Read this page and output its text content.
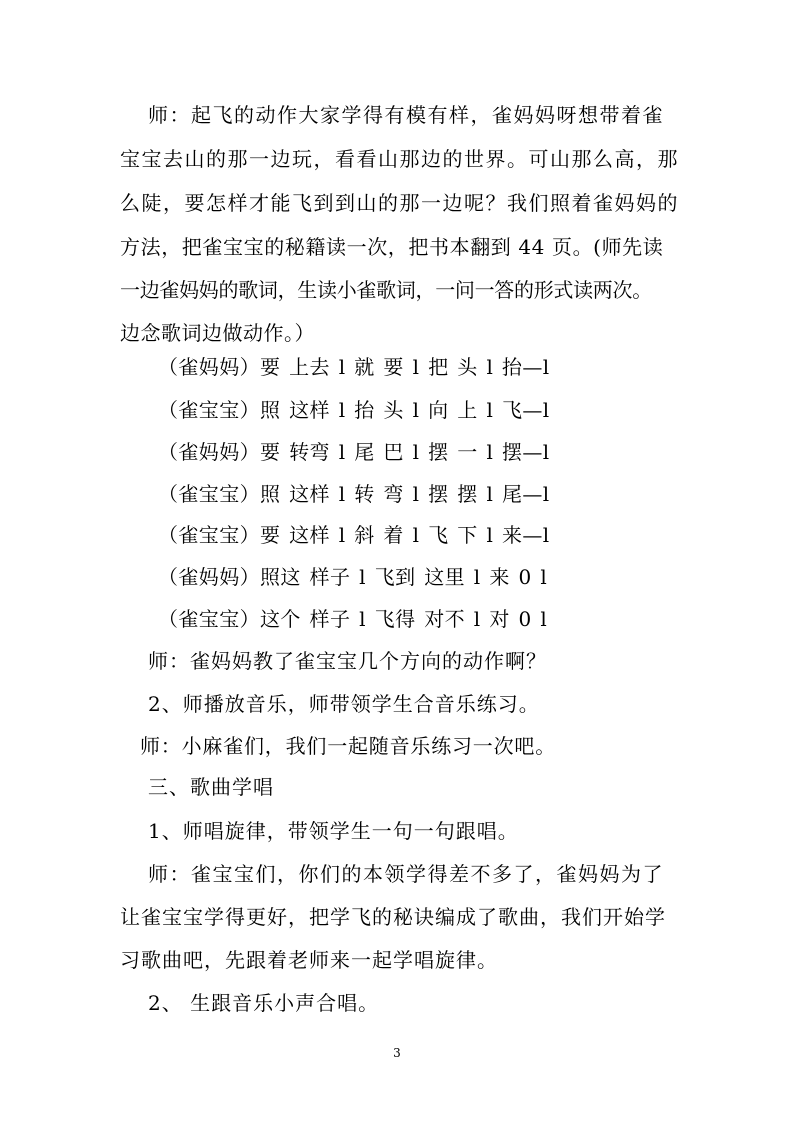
师：起飞的动作大家学得有模有样，雀妈妈呀想带着雀
宝宝去山的那一边玩，看看山那边的世界。可山那么高，那
么陡，要怎样才能飞到到山的那一边呢？我们照着雀妈妈的
方法，把雀宝宝的秘籍读一次，把书本翻到 44 页。(师先读
一边雀妈妈的歌词，生读小雀歌词，一问一答的形式读两次。
边念歌词边做动作。）
（雀妈妈）要 上去 l 就 要 l 把 头 l 抬—l
（雀宝宝）照 这样 l 抬 头 l 向 上 l 飞—l
（雀妈妈）要 转弯 l 尾 巴 l 摆 一 l 摆—l
（雀宝宝）照 这样 l 转 弯 l 摆 摆 l 尾—l
（雀宝宝）要 这样 l 斜 着 l 飞 下 l 来—l
（雀妈妈）照这 样子 l 飞到 这里 l 来 0 l
（雀宝宝）这个 样子 l 飞得 对不 l 对 0 l
师：雀妈妈教了雀宝宝几个方向的动作啊？
2、师播放音乐，师带领学生合音乐练习。
师：小麻雀们，我们一起随音乐练习一次吧。
三、歌曲学唱
1、师唱旋律，带领学生一句一句跟唱。
师：雀宝宝们，你们的本领学得差不多了，雀妈妈为了
让雀宝宝学得更好，把学飞的秘诀编成了歌曲，我们开始学
习歌曲吧，先跟着老师来一起学唱旋律。
2、 生跟音乐小声合唱。
3
